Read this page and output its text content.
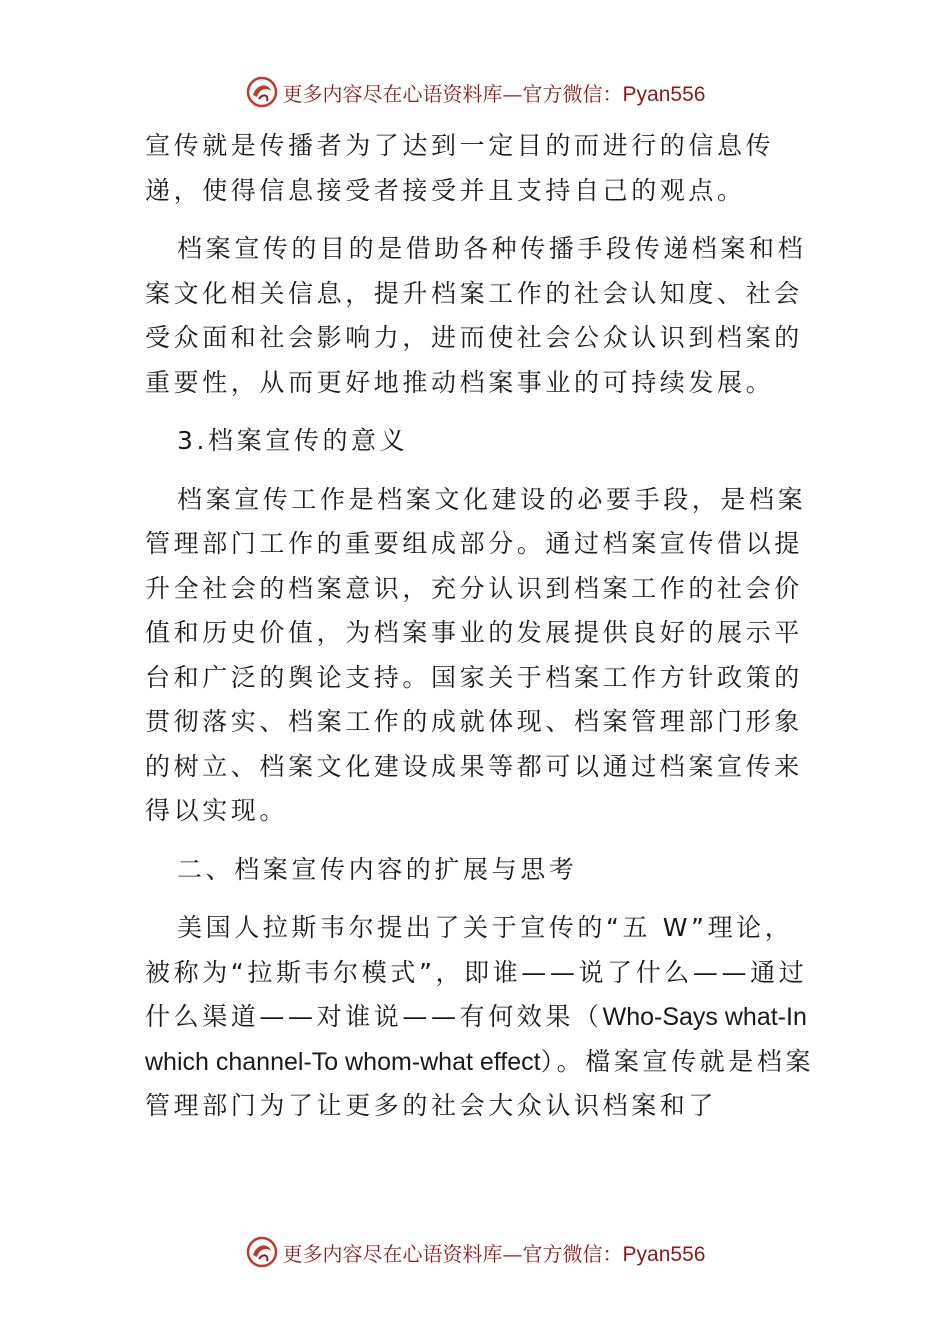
更多内容尽在心语资料库—官方微信：Pyan556

宣传就是传播者为了达到一定目的而进行的信息传递，使得信息接受者接受并且支持自己的观点。

档案宣传的目的是借助各种传播手段传递档案和档案文化相关信息，提升档案工作的社会认知度、社会受众面和社会影响力，进而使社会公众认识到档案的重要性，从而更好地推动档案事业的可持续发展。

3.档案宣传的意义

档案宣传工作是档案文化建设的必要手段，是档案管理部门工作的重要组成部分。通过档案宣传借以提升全社会的档案意识，充分认识到档案工作的社会价值和历史价值，为档案事业的发展提供良好的展示平台和广泛的舆论支持。国家关于档案工作方针政策的贯彻落实、档案工作的成就体现、档案管理部门形象的树立、档案文化建设成果等都可以通过档案宣传来得以实现。

二、档案宣传内容的扩展与思考

美国人拉斯韦尔提出了关于宣传的“五 W”理论，被称为“拉斯韦尔模式”，即谁——说了什么——通过什么渠道——对谁说——有何效果（Who-Says what-In which channel-To whom-what effect）。檔案宣传就是档案管理部门为了让更多的社会大众认识档案和了

更多内容尽在心语资料库—官方微信：Pyan556
